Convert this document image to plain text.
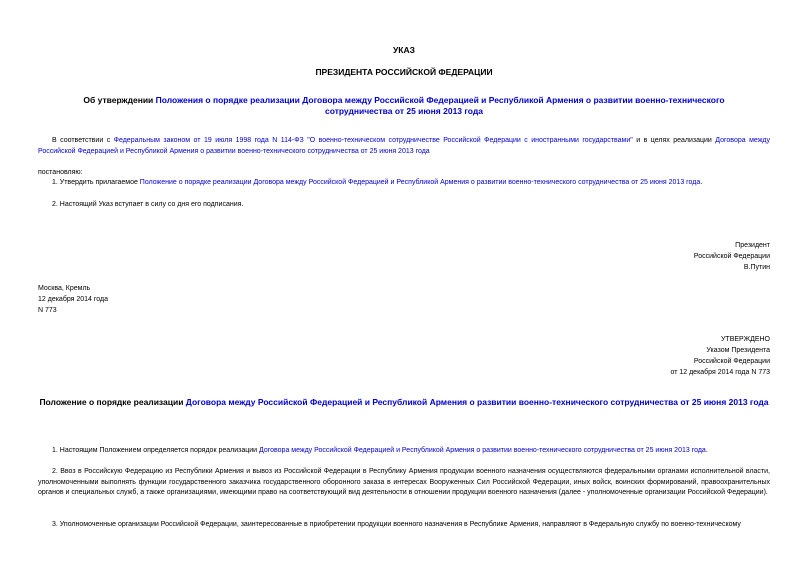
УКАЗ
ПРЕЗИДЕНТА РОССИЙСКОЙ ФЕДЕРАЦИИ
Об утверждении Положения о порядке реализации Договора между Российской Федерацией и Республикой Армения о развитии военно-технического сотрудничества от 25 июня 2013 года
В соответствии с Федеральным законом от 19 июля 1998 года N 114-ФЗ "О военно-техническом сотрудничестве Российской Федерации с иностранными государствами" и в целях реализации Договора между Российской Федерацией и Республикой Армения о развитии военно-технического сотрудничества от 25 июня 2013 года
постановляю:
1. Утвердить прилагаемое Положение о порядке реализации Договора между Российской Федерацией и Республикой Армения о развитии военно-технического сотрудничества от 25 июня 2013 года.
2. Настоящий Указ вступает в силу со дня его подписания.
Президент
Российской Федерации
В.Путин
Москва, Кремль
12 декабря 2014 года
N 773
УТВЕРЖДЕНО
Указом Президента
Российской Федерации
от 12 декабря 2014 года N 773
Положение о порядке реализации Договора между Российской Федерацией и Республикой Армения о развитии военно-технического сотрудничества от 25 июня 2013 года
1. Настоящим Положением определяется порядок реализации Договора между Российской Федерацией и Республикой Армения о развитии военно-технического сотрудничества от 25 июня 2013 года.
2. Ввоз в Российскую Федерацию из Республики Армения и вывоз из Российской Федерации в Республику Армения продукции военного назначения осуществляются федеральными органами исполнительной власти, уполномоченными выполнять функции государственного заказчика государственного оборонного заказа в интересах Вооруженных Сил Российской Федерации, иных войск, воинских формирований, правоохранительных органов и специальных служб, а также организациями, имеющими право на соответствующий вид деятельности в отношении продукции военного назначения (далее - уполномоченные организации Российской Федерации).
3. Уполномоченные организации Российской Федерации, заинтересованные в приобретении продукции военного назначения в Республике Армения, направляют в Федеральную службу по военно-техническому
